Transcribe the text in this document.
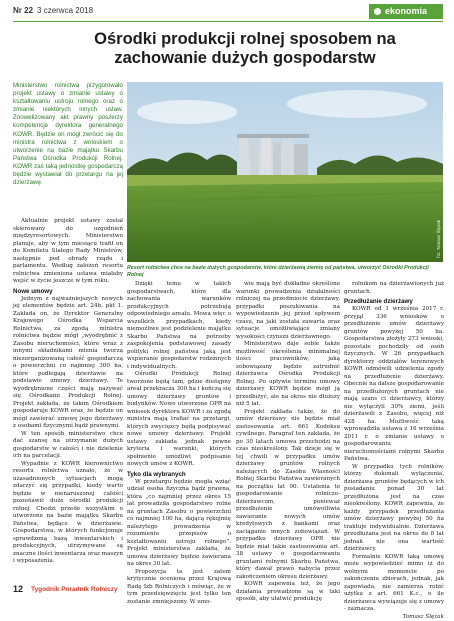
Nr 22 3 czerwca 2018	ekonomia
Ośrodki produkcji rolnej sposobem na zachowanie dużych gospodarstw
Ministerstwo rolnictwa przygotowało projekt ustawy o zmianie ustawy o kształtowaniu ustroju rolnego oraz o zmianie niektórych innych ustaw. Znowelizowany akt prawny poszerzy kompetencje dyrektora generalnego KOWR. Będzie on mógł zwrócić się do ministra rolnictwa z wnioskiem o utworzenie na bazie majątku Skarbu Państwa Ośrodka Produkcji Rolnej. KOWR zaś taką jednostkę gospodarczą będzie wystawiał do przetargu na jej dzierżawę.
fot. Tomasz Ślęzak
Resort rolnictwa chce na bazie dużych gospodarstw, które dzierżawią ziemię od państwa, utworzyć Ośrodki Produkcji Rolnej

Aktualnie projekt ustawy został skierowany do uzgodnień międzyresortowych. Ministerstwo planuje, aby w tym miesiącu trafił on do Komitetu Stałego Rady Ministrów, następnie pod obrady rządu i parlamentu. Według założeń resortu rolnictwa zmieniona ustawa miałaby wejść w życie jeszcze w tym roku.

Nowe umowy

Jednym z najważniejszych nowych jej elementów będzie art. 24b. pkt 1. Zakłada on, że Dyrektor Generalny Krajowego Ośrodka Wsparcia Rolnictwa, za zgodą ministra rolnictwa będzie mógł „wyodrębnić z Zasobu nieruchomości, które wraz z innymi składnikami mienia tworzą niezorganizowaną całość gospodarczą o powierzchni co najmniej 300 ha, które podlegają dzierżawie na podstawie umowy dzierżawy. Te wyodrębnione części mają nazywać się Ośrodkami Produkcji Rolnej. Projekt zakłada, że takim Ośrodkiem gospodaruje KOWR oraz, że będzie on mógł zawierać umowę jego dzierżawy z osobami fizycznymi bądź prawnymi.

W ten sposób ministerstwo chce dać szansę na utrzymanie dużych gospodarstw w całości i nie dzielenie ich na parcelacji.

Wypadnie z KOWR kierownictwo resortu rolnictwa uznało, że w uzasadnionych sytuacjach mogą zdarzyć się przypadki, kiedy warto będzie w nienaruszonej całości pozostawić duże ośrodki produkcji rolnej. Chodzi przede wszystkim o utworzone na bazie majątku Skarbu Państwa, będące w dzierżawie. Gospodarstwa, w których funkcjonuje sprawdzoną bazą inwentarskich i produkcyjnych, utrzymywane są znaczne ilości inwentarza oraz maszyn i wyposażenia.

Dzięki temu w takich gospodarstwach, które dla zachowania warunków produkcyjnych potrzebują odpowiedniego areału. Mowa więc o wszelkich przypadkach, kiedy niemożliwe jest podzielenie majątku Skarbu Państwa na potrzeby zaspokojenia podstawowej zasady polityki rolnej państwa jaką jest wspieranie gospodarstw rodzinnych i indywidualnych.

Ośrodki Produkcji Rolnej tworzone będą tam, gdzie dostępny areał przekracza 300 ha i kończą się umowy dzierżawy gruntów i budynków. Nowo utworzone OPR na wniosek dyrektora KOWR i za zgodą ministra mają trafiać na przetargi, których zwycięzcy będą podpisywać nowe umowy dzierżawy. Projekt ustawy zakłada jednak pewne kryteria i warunki, których spełnienie umożliwi podpisanie nowych umów z KOWR.

Tyko dla wybranych

W przetargu będzie mogła wziąć udział osoba fizyczna bądź prawna, która „co najmniej przez okres 15 lat prowadziła gospodarstwo rolne na gruntach Zasobu o powierzchni co najmniej 100 ha, dającą rękojmię należytego prowadzenia w rozumieniu przepisów o kształtowaniu ustroju rolnego”. Projekt ministerstwa zakłada, że umowa dzierżawy będzie zawierana na okres 30 lat.

Propozycja ta jest zatem krytycznie oceniona przez Krajową Radę Izb Rolniczych i mówiąc, że w tym przedsięwzięciu jest tylko ten zostanie zmniejszony. W umo-

wie mają być dokładne określone warunki prowadzenia działalności rolniczej na przedmiocie dzierżawy, przypadki poszukiwania na wypowiedzenie jej przed upływem czasu, na jaki została zawarta oraz sytuacje umożliwiające zmiany wysokości czynszu dzierżawnego.

Ministerstwo daje sobie także możliwość określenia minimalnej ilości pracowników, jaką zobowiązany będzie zatrudnić dzierżawca Ośrodka Produkcji Rolnej. Po upływie terminu umowy dzierżawy KOWR będzie mógł ją przedłużyć, ale na okres nie dłuższy niż 5 lat.

Projekt zakłada także, że do umów dzierżawy nie będzie miał zastosowania art. 661 Kodeksu cywilnego. Paragraf ten zakłada, że po 30 latach umowa przechodzi na czas nieokreślony. Tak dzieje się w tej chwili w przypadku umów dzierżawy gruntów rolnych należących do Zasobu Własności Rolnej Skarbu Państwa zawieranych na początku lat 90. Ustalenia to gospodarowanie rolniczo-dzierżawcom, ponieważ przedłużenie umówotliwia zawieranie nowych umów kredytowych z bankami oraz zaciąganie innych zobowiązań. W przypadku dzierżawy OPR nie będzie miał takie zastosowania art. 38 ustawy o gospodarowaniu gruntami rolnymi Skarbu Państwa, który dawał prawo nabycia przez zakończeniem okresu dzierżawy.

KOWR zapewnia też, że jego działania prowadzone są w taki sposób, aby ułatwić produkcję

rolnikom na dzierżawionych już gruntach.

Przedłużanie dzierżawy

KOWR od 1 września 2017 r. przyjął 336 wniosków o przedłużenie umów dzierżawy gruntów powyżej 50 ha. Gospodarstwa złożyły 273 wnioski, pozostałe pochodziły od osób fizycznych. W 26 przypadkach dyrektorzy oddziałów terenowych KOWR odmówili udzielenia zgody na przedłużenie dzierżawy. Obecnie na dalsze gospodarowanie na przedłużonych gruntach nie mają szans ci dzierżawcy, którzy nie wyłączyli 30% ziemi, jeśli dzierżawili z Zasobu, więcej niż 428 ha. Możliwość taką wprowadziła ustawa z 16 września 2011 r. o zmianie ustawy o gospodarowaniu nieruchomościami rolnymi Skarbu Państwa.

W przypadku tych rolników, którzy dokonali wyłączenia, dzierżawa gruntów będących w ich posiadaniu ponad 30 lat przedłużona jest na czas nieokreślony. KOWR zapewnia, że każdy przypadek przedłużania umów dzierżawy powyżej 50 ha traktuje indywidualnie. Dzierżawa przedłużana jest na okres do 8 lat jednak nie ona wartość dzierżawcy.

Formalnie KOWR taką umowę może wypowiedzieć mimo iż do wolnymi momencie po zakończeniu zbiorach, jednak, jak zapowiada, nie zamierza robić użytku z art. 661 K.c., o ile dzierżawca wywiązuje się z umowy - zaznacza.

Tomasz Ślęzak

12 Tygodnik Poradnik Rolniczy
